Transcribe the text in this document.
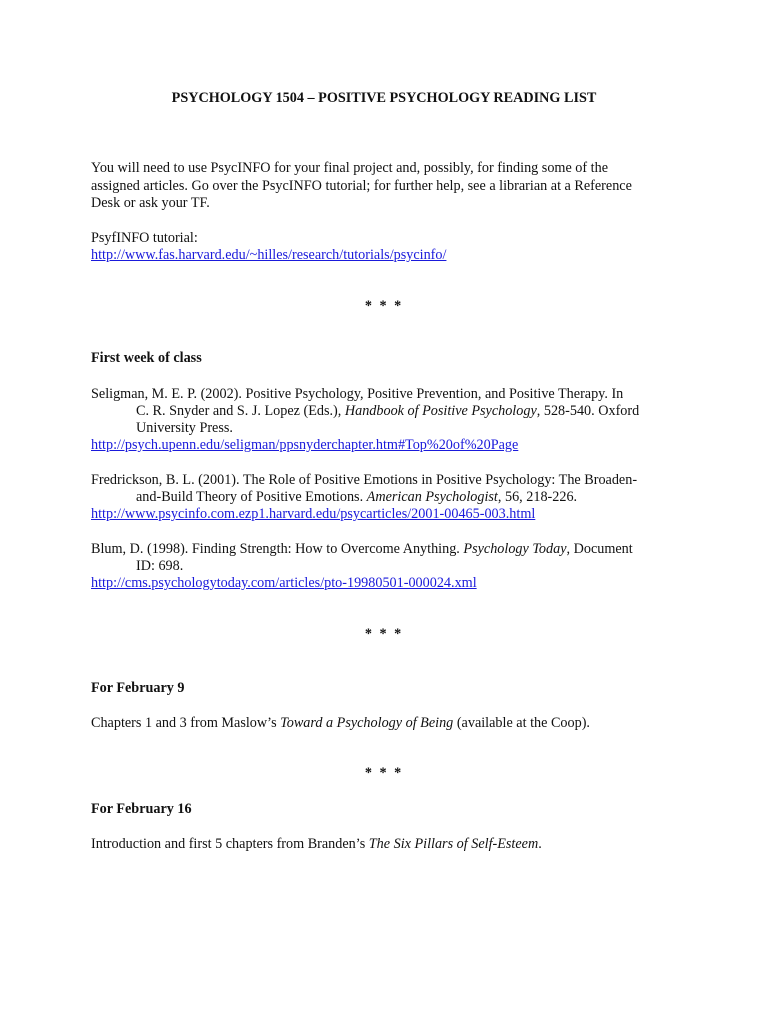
PSYCHOLOGY 1504 – POSITIVE PSYCHOLOGY READING LIST
You will need to use PsycINFO for your final project and, possibly, for finding some of the
assigned articles. Go over the PsycINFO tutorial; for further help, see a librarian at a Reference
Desk or ask your TF.
PsyfINFO tutorial:
http://www.fas.harvard.edu/~hilles/research/tutorials/psycinfo/
* * *
First week of class
Seligman, M. E. P. (2002). Positive Psychology, Positive Prevention, and Positive Therapy. In
C. R. Snyder and S. J. Lopez (Eds.), Handbook of Positive Psychology, 528-540. Oxford
University Press.
http://psych.upenn.edu/seligman/ppsnyderchapter.htm#Top%20of%20Page
Fredrickson, B. L. (2001). The Role of Positive Emotions in Positive Psychology: The Broaden-
and-Build Theory of Positive Emotions. American Psychologist, 56, 218-226.
http://www.psycinfo.com.ezp1.harvard.edu/psycarticles/2001-00465-003.html
Blum, D. (1998). Finding Strength: How to Overcome Anything. Psychology Today, Document
ID: 698.
http://cms.psychologytoday.com/articles/pto-19980501-000024.xml
* * *
For February 9
Chapters 1 and 3 from Maslow’s Toward a Psychology of Being (available at the Coop).
* * *
For February 16
Introduction and first 5 chapters from Branden’s The Six Pillars of Self-Esteem.
